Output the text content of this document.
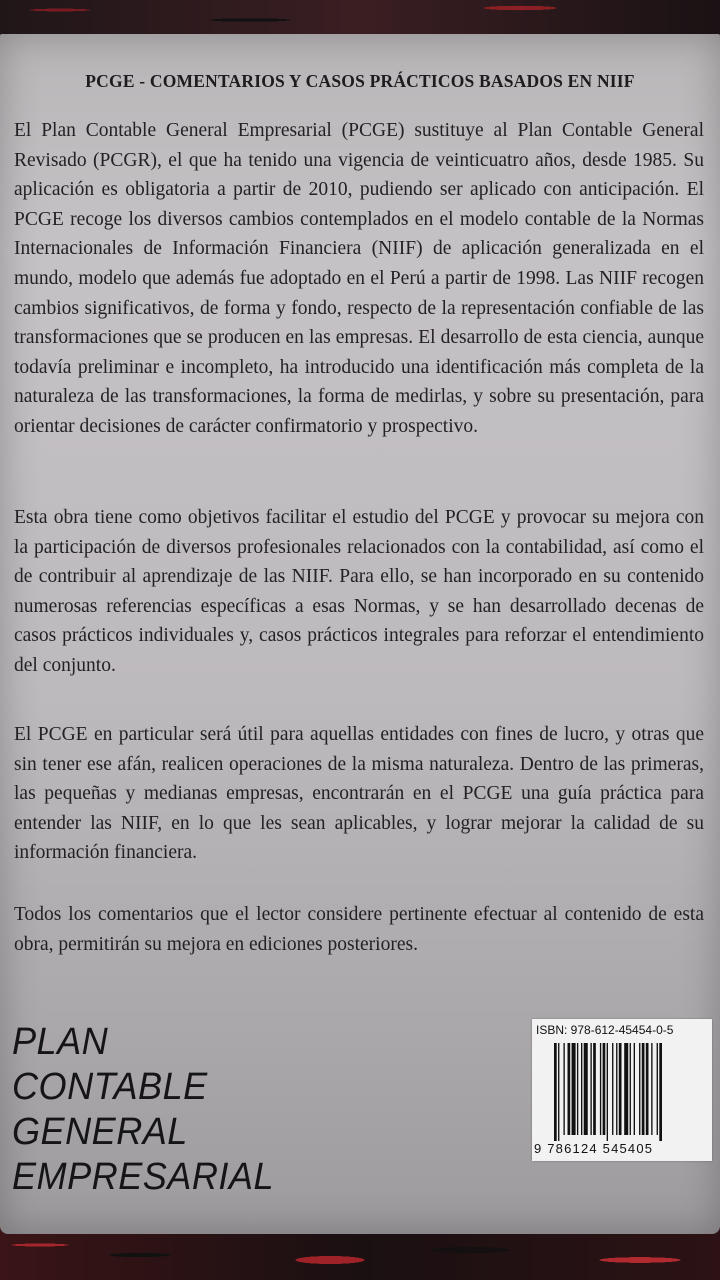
PCGE - COMENTARIOS Y CASOS PRÁCTICOS BASADOS EN NIIF

El Plan Contable General Empresarial (PCGE) sustituye al Plan Contable General Revisado (PCGR), el que ha tenido una vigencia de veinticuatro años, desde 1985. Su aplicación es obligatoria a partir de 2010, pudiendo ser aplicado con anticipación. El PCGE recoge los diversos cambios contemplados en el modelo contable de la Normas Internacionales de Información Financiera (NIIF) de aplicación generalizada en el mundo, modelo que además fue adoptado en el Perú a partir de 1998. Las NIIF recogen cambios significativos, de forma y fondo, respecto de la representación confiable de las transformaciones que se producen en las empresas. El desarrollo de esta ciencia, aunque todavía preliminar e incompleto, ha introducido una identificación más completa de la naturaleza de las transformaciones, la forma de medirlas, y sobre su presentación, para orientar decisiones de carácter confirmatorio y prospectivo.

Esta obra tiene como objetivos facilitar el estudio del PCGE y provocar su mejora con la participación de diversos profesionales relacionados con la contabilidad, así como el de contribuir al aprendizaje de las NIIF. Para ello, se han incorporado en su contenido numerosas referencias específicas a esas Normas, y se han desarrollado decenas de casos prácticos individuales y, casos prácticos integrales para reforzar el entendimiento del conjunto.

El PCGE en particular será útil para aquellas entidades con fines de lucro, y otras que sin tener ese afán, realicen operaciones de la misma naturaleza. Dentro de las primeras, las pequeñas y medianas empresas, encontrarán en el PCGE una guía práctica para entender las NIIF, en lo que les sean aplicables, y lograr mejorar la calidad de su información financiera.

Todos los comentarios que el lector considere pertinente efectuar al contenido de esta obra, permitirán su mejora en ediciones posteriores.

PLAN
CONTABLE
GENERAL
EMPRESARIAL
ISBN: 978-612-45454-0-5
9 786124 545405
